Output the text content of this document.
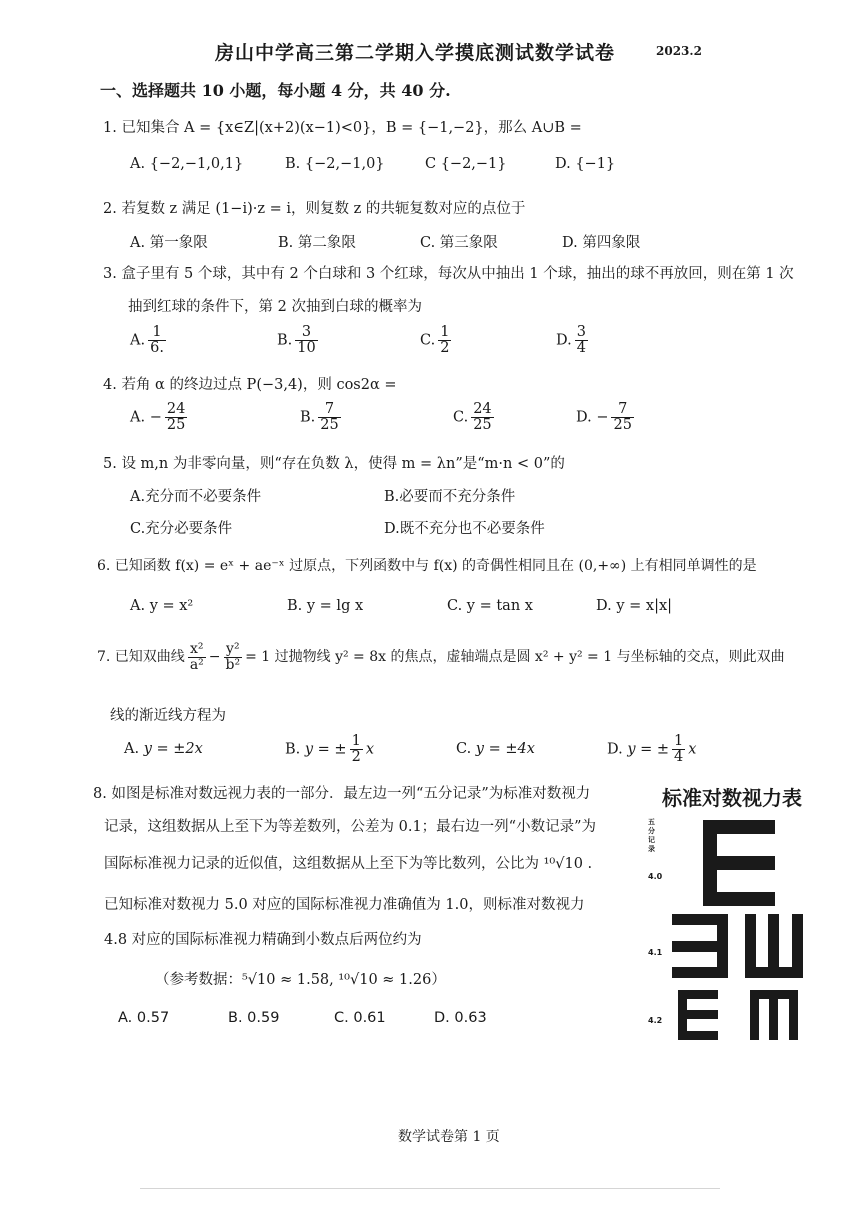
房山中学高三第二学期入学摸底测试数学试卷	2023.2
一、选择题共 10 小题，每小题 4 分，共 40 分.
1. 已知集合 A = {x∈Z|(x+2)(x−1)<0}，B = {−1,−2}，那么 A∪B =
A. {−2,−1,0,1}	B. {−2,−1,0}	C {−2,−1}	D. {−1}
2. 若复数 z 满足 (1−i)·z = i，则复数 z 的共轭复数对应的点位于
A. 第一象限	B. 第二象限	C. 第三象限	D. 第四象限
3. 盒子里有 5 个球，其中有 2 个白球和 3 个红球，每次从中抽出 1 个球，抽出的球不再放回，则在第 1 次
抽到红球的条件下，第 2 次抽到白球的概率为
A. $\frac{1}{6.}$	B. $\frac{3}{10}$	C. $\frac{1}{2}$	D. $\frac{3}{4}$
4. 若角 α 的终边过点 P(−3,4)，则 cos2α =
A. − $\frac{24}{25}$	B. $\frac{7}{25}$	C. $\frac{24}{25}$	D. − $\frac{7}{25}$
5. 设 m,n 为非零向量，则“存在负数 λ，使得 m = λn”是“m·n < 0”的
A.充分而不必要条件	B.必要而不充分条件
C.充分必要条件	D.既不充分也不必要条件
6. 已知函数 f(x) = eˣ + ae⁻ˣ 过原点，下列函数中与 f(x) 的奇偶性相同且在 (0,+∞) 上有相同单调性的是
A. y = x²	B. y = lg x	C. y = tan x	D. y = x|x|
7. 已知双曲线 $\frac{\text{x²}}{\text{a²}} - \frac{\text{y²}}{\text{b²}} = 1$ 过抛物线 y² = 8x 的焦点，虚轴端点是圆 x² + y² = 1 与坐标轴的交点，则此双曲
线的渐近线方程为
A. y = ±2x	B. y = ± $\frac{1}{2}$ x	C. y = ±4x	D. y = ± $\frac{1}{4}$ x
8. 如图是标准对数远视力表的一部分．最左边一列“五分记录”为标准对数视力
记录，这组数据从上至下为等差数列，公差为 0.1；最右边一列“小数记录”为
国际标准视力记录的近似值，这组数据从上至下为等比数列，公比为 ¹⁰√10 .
已知标准对数视力 5.0 对应的国际标准视力准确值为 1.0，则标准对数视力
4.8 对应的国际标准视力精确到小数点后两位约为
（参考数据：⁵√10 ≈ 1.58, ¹⁰√10 ≈ 1.26）
A. 0.57	B. 0.59	C. 0.61	D. 0.63
标准对数视力表
五分记录
4.0
4.1
4.2
数学试卷第 1 页
